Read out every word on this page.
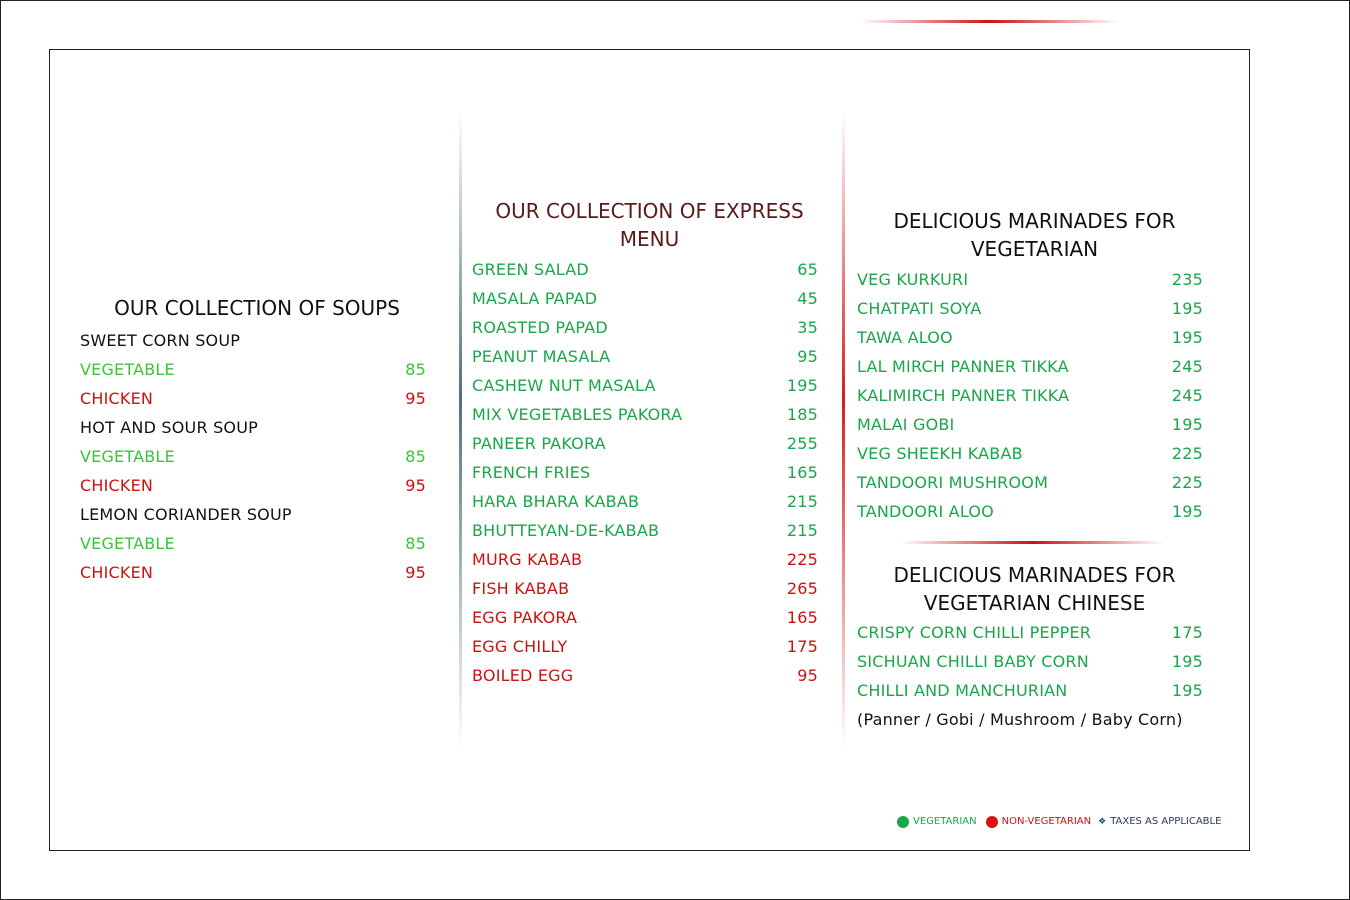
OUR COLLECTION OF SOUPS
SWEET CORN SOUP
VEGETABLE	85
CHICKEN	95
HOT AND SOUR SOUP
VEGETABLE	85
CHICKEN	95
LEMON CORIANDER SOUP
VEGETABLE	85
CHICKEN	95
OUR COLLECTION OF EXPRESS
MENU
GREEN SALAD	65
MASALA PAPAD	45
ROASTED PAPAD	35
PEANUT MASALA	95
CASHEW NUT MASALA	195
MIX VEGETABLES PAKORA	185
PANEER PAKORA	255
FRENCH FRIES	165
HARA BHARA KABAB	215
BHUTTEYAN-DE-KABAB	215
MURG KABAB	225
FISH KABAB	265
EGG PAKORA	165
EGG CHILLY	175
BOILED EGG	95
DELICIOUS MARINADES FOR
VEGETARIAN
VEG KURKURI	235
CHATPATI SOYA	195
TAWA ALOO	195
LAL MIRCH PANNER TIKKA	245
KALIMIRCH PANNER TIKKA	245
MALAI GOBI	195
VEG SHEEKH KABAB	225
TANDOORI MUSHROOM	225
TANDOORI ALOO	195
DELICIOUS MARINADES FOR
VEGETARIAN CHINESE
CRISPY CORN CHILLI PEPPER	175
SICHUAN CHILLI BABY CORN	195
CHILLI AND MANCHURIAN	195
(Panner / Gobi / Mushroom / Baby Corn)
VEGETARIAN	NON-VEGETARIAN ❖ TAXES AS APPLICABLE
